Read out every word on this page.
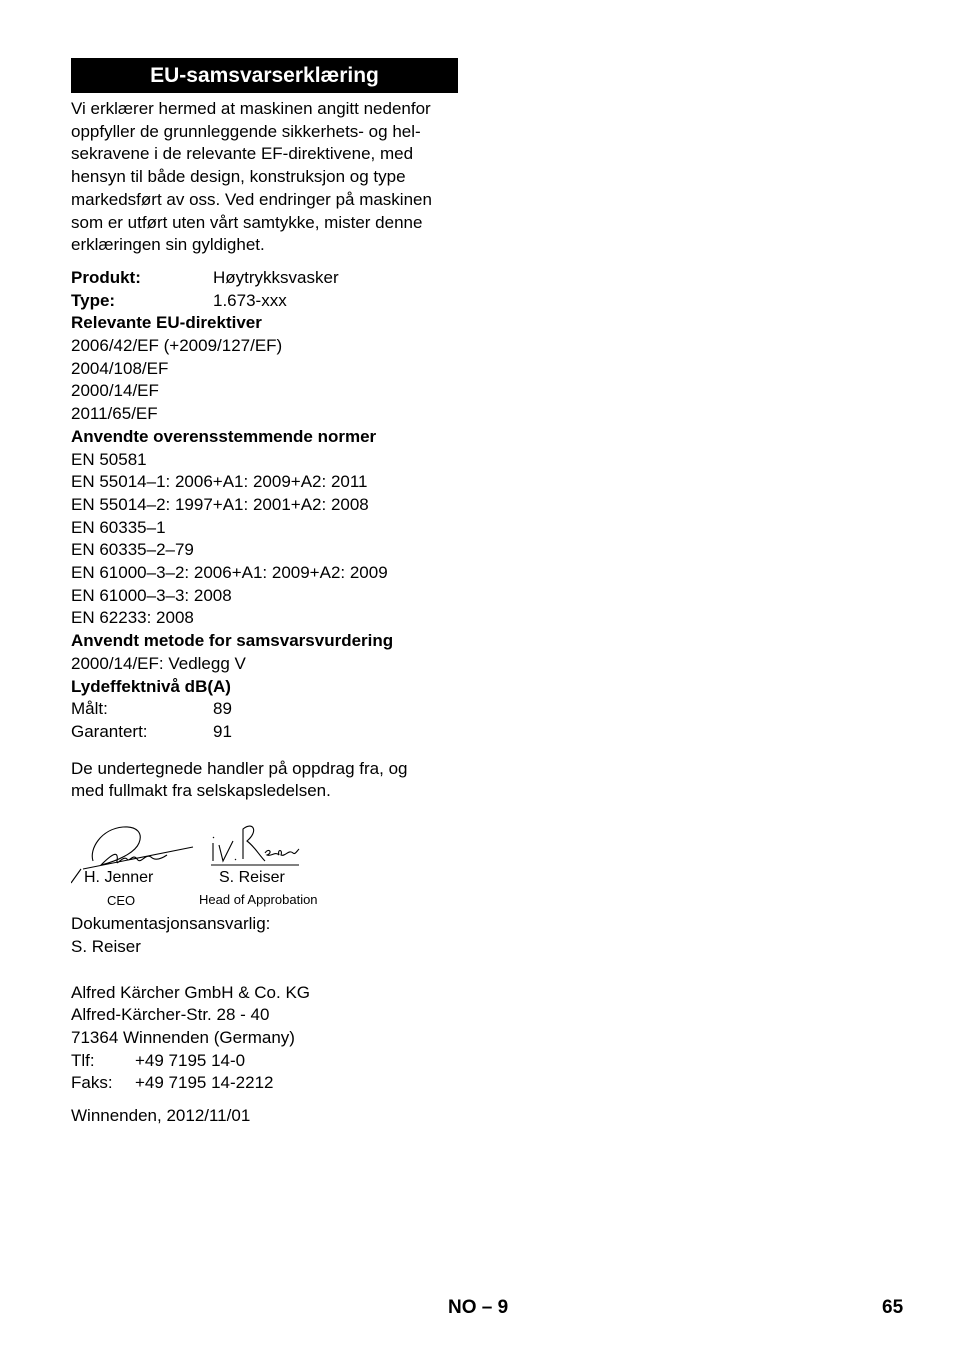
EU-samsvarserklæring
Vi erklærer hermed at maskinen angitt nedenfor
oppfyller de grunnleggende sikkerhets- og hel-
sekravene i de relevante EF-direktivene, med
hensyn til både design, konstruksjon og type
markedsført av oss. Ved endringer på maskinen
som er utført uten vårt samtykke, mister denne
erklæringen sin gyldighet.
Produkt:	Høytrykksvasker
Type:	1.673-xxx
Relevante EU-direktiver
2006/42/EF (+2009/127/EF)
2004/108/EF
2000/14/EF
2011/65/EF
Anvendte overensstemmende normer
EN 50581
EN 55014–1: 2006+A1: 2009+A2: 2011
EN 55014–2: 1997+A1: 2001+A2: 2008
EN 60335–1
EN 60335–2–79
EN 61000–3–2: 2006+A1: 2009+A2: 2009
EN 61000–3–3: 2008
EN 62233: 2008
Anvendt metode for samsvarsvurdering
2000/14/EF: Vedlegg V
Lydeffektnivå dB(A)
Målt:	89
Garantert:	91
De undertegnede handler på oppdrag fra, og
med fullmakt fra selskapsledelsen.
H. Jenner
CEO
S. Reiser
Head of Approbation
Dokumentasjonsansvarlig:
S. Reiser
Alfred Kärcher GmbH & Co. KG
Alfred-Kärcher-Str. 28 - 40
71364 Winnenden (Germany)
Tlf:	+49 7195 14-0
Faks:	+49 7195 14-2212
Winnenden, 2012/11/01
NO – 9	65
